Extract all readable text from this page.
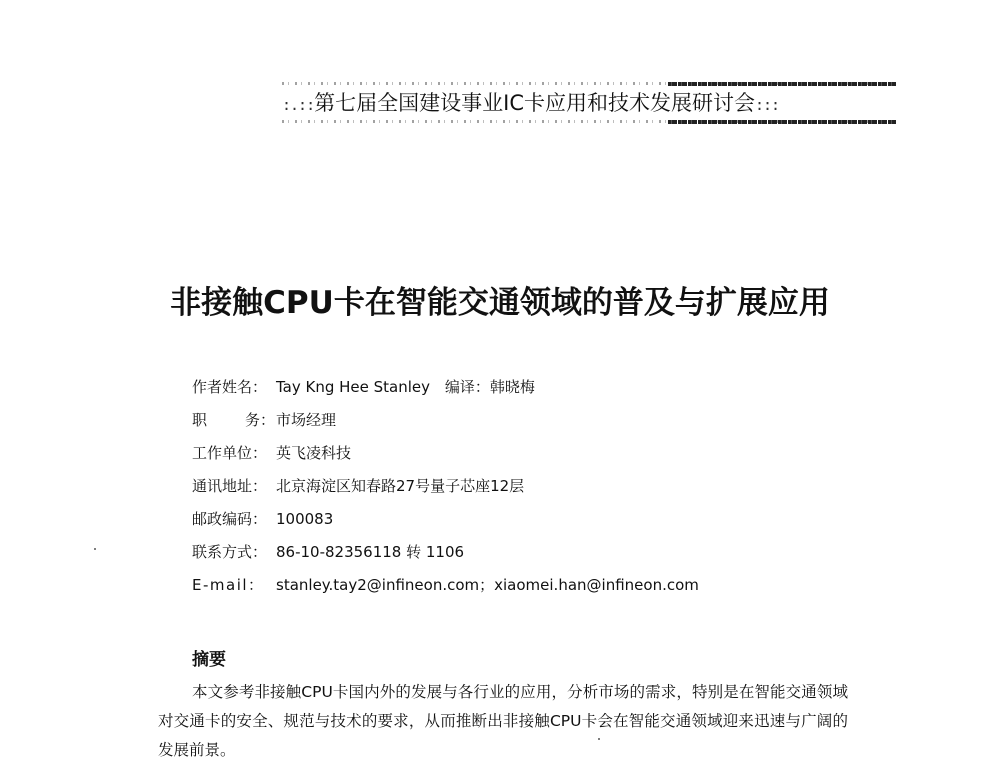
:.::第七届全国建设事业IC卡应用和技术发展研讨会:::
非接触CPU卡在智能交通领域的普及与扩展应用
作者姓名： Tay Kng Hee Stanley 编译：韩晓梅
职	务：市场经理
工作单位： 英飞凌科技
通讯地址： 北京海淀区知春路27号量子芯座12层
邮政编码： 100083
联系方式： 86-10-82356118 转 1106
E-mail： stanley.tay2@infineon.com；xiaomei.han@infineon.com
摘要
本文参考非接触CPU卡国内外的发展与各行业的应用，分析市场的需求，特别是在智能交通领域对交通卡的安全、规范与技术的要求，从而推断出非接触CPU卡会在智能交通领域迎来迅速与广阔的发展前景。
